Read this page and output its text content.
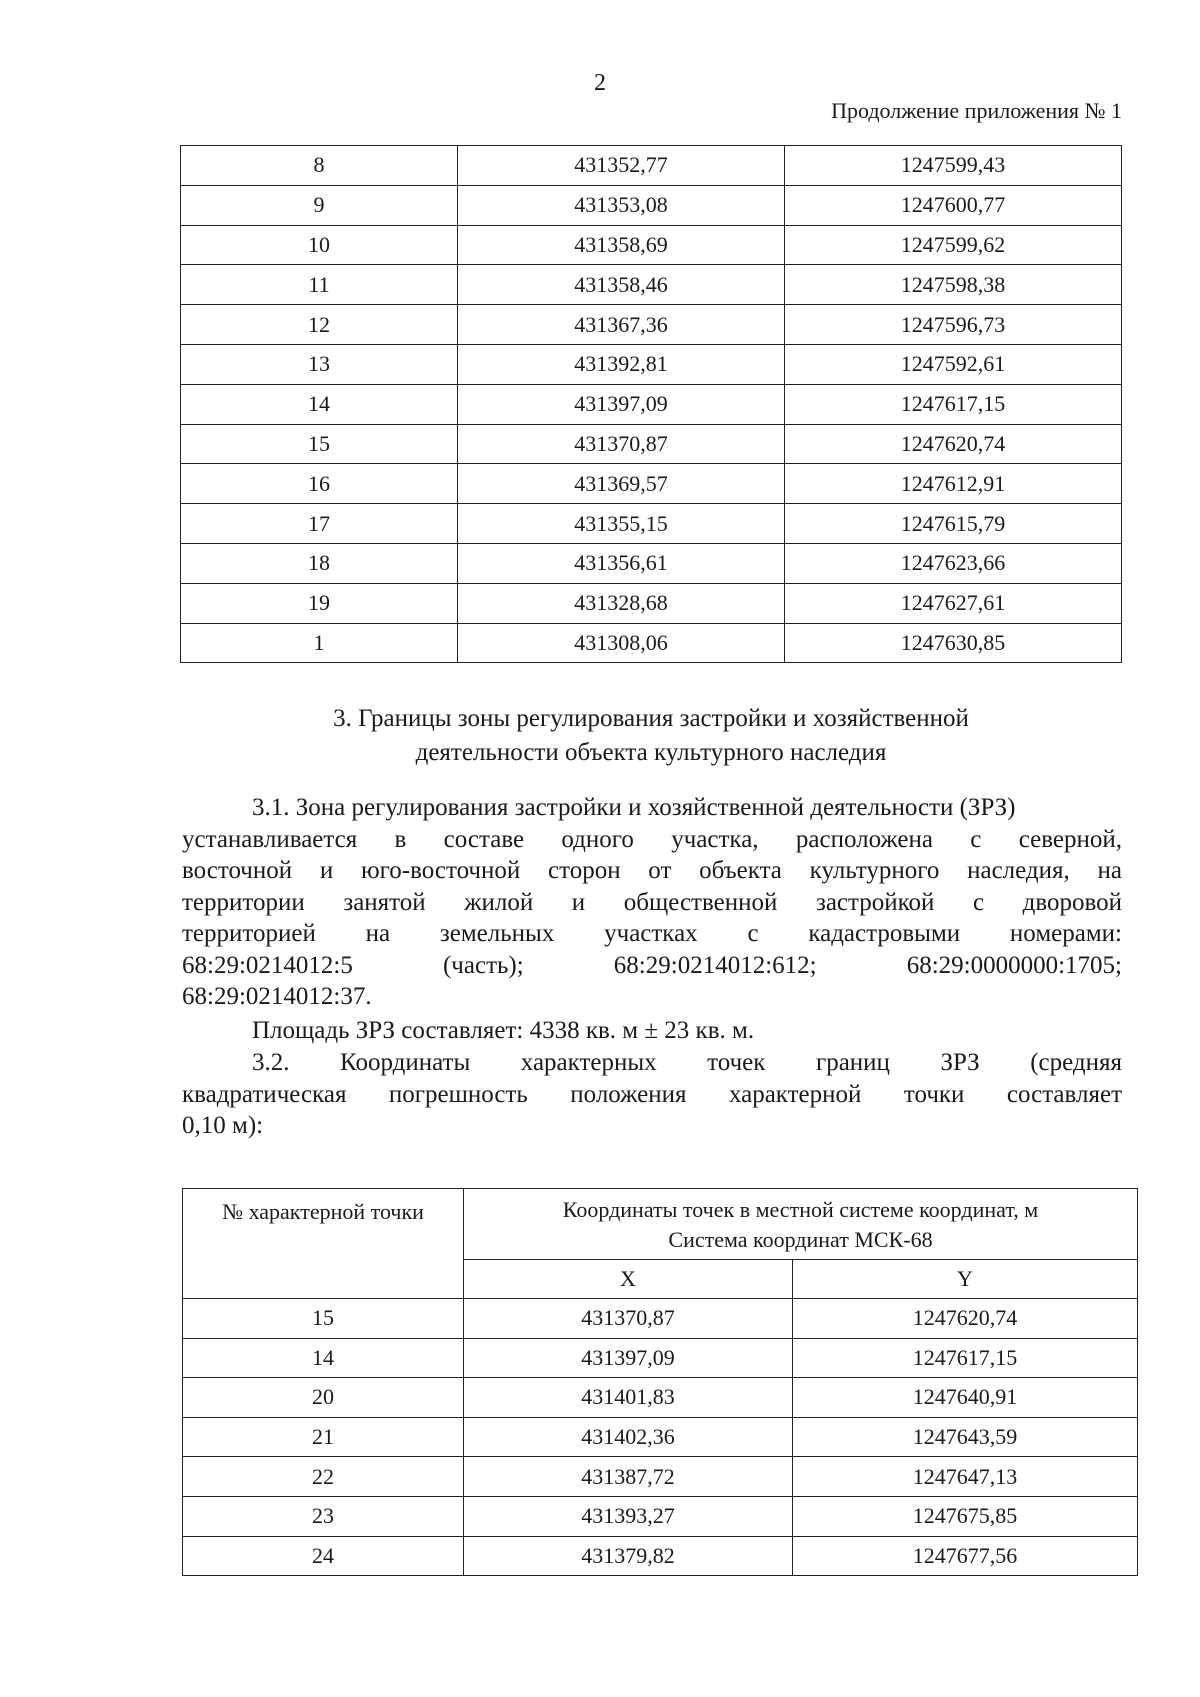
2
Продолжение приложения № 1
8	431352,77	1247599,43
9	431353,08	1247600,77
10	431358,69	1247599,62
11	431358,46	1247598,38
12	431367,36	1247596,73
13	431392,81	1247592,61
14	431397,09	1247617,15
15	431370,87	1247620,74
16	431369,57	1247612,91
17	431355,15	1247615,79
18	431356,61	1247623,66
19	431328,68	1247627,61
1	431308,06	1247630,85
3. Границы зоны регулирования застройки и хозяйственной
деятельности объекта культурного наследия
3.1. Зона регулирования застройки и хозяйственной деятельности (ЗРЗ)
устанавливается в составе одного участка, расположена с северной,
восточной и юго-восточной сторон от объекта культурного наследия, на
территории занятой жилой и общественной застройкой с дворовой
территорией на земельных участках с кадастровыми номерами:
68:29:0214012:5 (часть); 68:29:0214012:612; 68:29:0000000:1705;
68:29:0214012:37.
Площадь ЗРЗ составляет: 4338 кв. м ± 23 кв. м.
3.2. Координаты характерных точек границ ЗРЗ (средняя
квадратическая погрешность положения характерной точки составляет
0,10 м):
№ характерной точки	Координаты точек в местной системе координат, м
Система координат МСК-68	

	X	Y
15	431370,87	1247620,74
14	431397,09	1247617,15
20	431401,83	1247640,91
21	431402,36	1247643,59
22	431387,72	1247647,13
23	431393,27	1247675,85
24	431379,82	1247677,56
